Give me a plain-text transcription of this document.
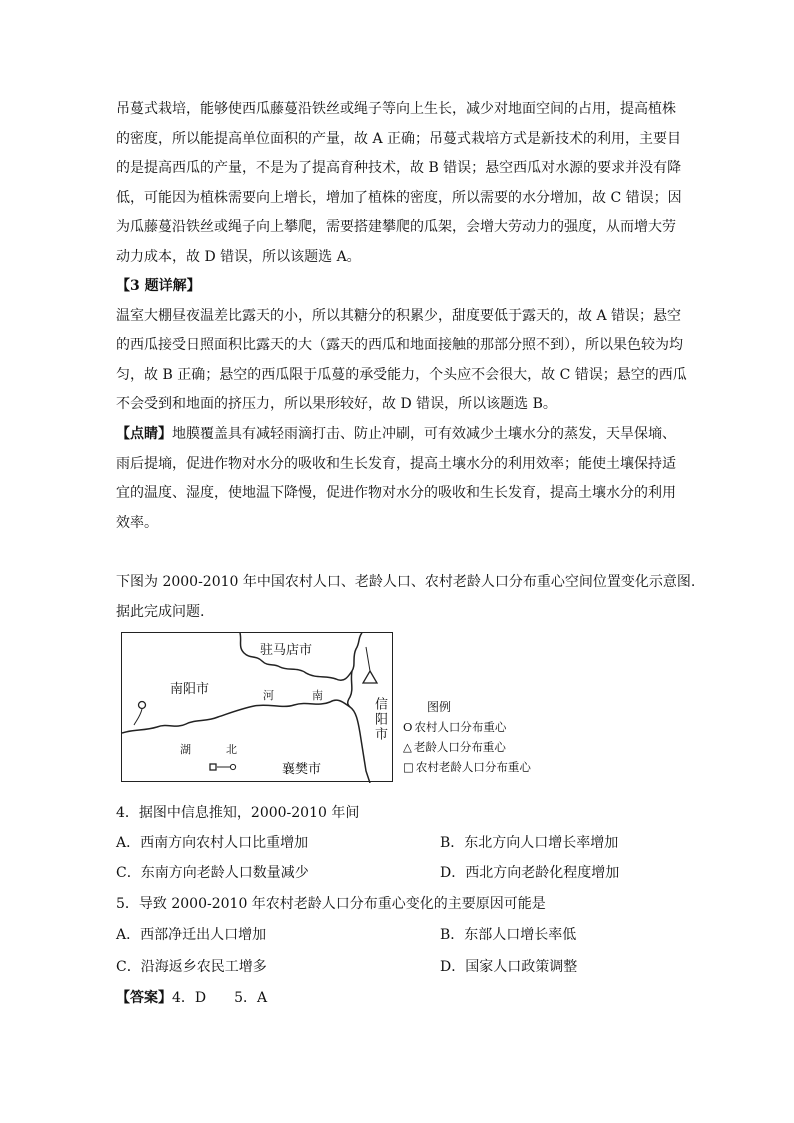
吊蔓式栽培，能够使西瓜藤蔓沿铁丝或绳子等向上生长，减少对地面空间的占用，提高植株
的密度，所以能提高单位面积的产量，故 A 正确；吊蔓式栽培方式是新技术的利用，主要目
的是提高西瓜的产量，不是为了提高育种技术，故 B 错误；悬空西瓜对水源的要求并没有降
低，可能因为植株需要向上增长，增加了植株的密度，所以需要的水分增加，故 C 错误；因
为瓜藤蔓沿铁丝或绳子向上攀爬，需要搭建攀爬的瓜架，会增大劳动力的强度，从而增大劳
动力成本，故 D 错误，所以该题选 A。
【3 题详解】
温室大棚昼夜温差比露天的小，所以其糖分的积累少，甜度要低于露天的，故 A 错误；悬空
的西瓜接受日照面积比露天的大（露天的西瓜和地面接触的那部分照不到），所以果色较为均
匀，故 B 正确；悬空的西瓜限于瓜蔓的承受能力，个头应不会很大，故 C 错误；悬空的西瓜
不会受到和地面的挤压力，所以果形较好，故 D 错误，所以该题选 B。
【点睛】地膜覆盖具有减轻雨滴打击、防止冲刷，可有效减少土壤水分的蒸发，天旱保墒、
雨后提墒，促进作物对水分的吸收和生长发育，提高土壤水分的利用效率；能使土壤保持适
宜的温度、湿度，使地温下降慢，促进作物对水分的吸收和生长发育，提高土壤水分的利用
效率。
下图为 2000-2010 年中国农村人口、老龄人口、农村老龄人口分布重心空间位置变化示意图.
据此完成问题.
驻马店市
南阳市	河	南
信阳市
湖	北
襄樊市
图例
O 农村人口分布重心
△ 老龄人口分布重心
□ 农村老龄人口分布重心
4．据图中信息推知，2000-2010 年间
A．西南方向农村人口比重增加	B．东北方向人口增长率增加
C．东南方向老龄人口数量减少	D．西北方向老龄化程度增加
5．导致 2000-2010 年农村老龄人口分布重心变化的主要原因可能是
A．西部净迁出人口增加	B．东部人口增长率低
C．沿海返乡农民工增多	D．国家人口政策调整
【答案】4．D　　5．A
